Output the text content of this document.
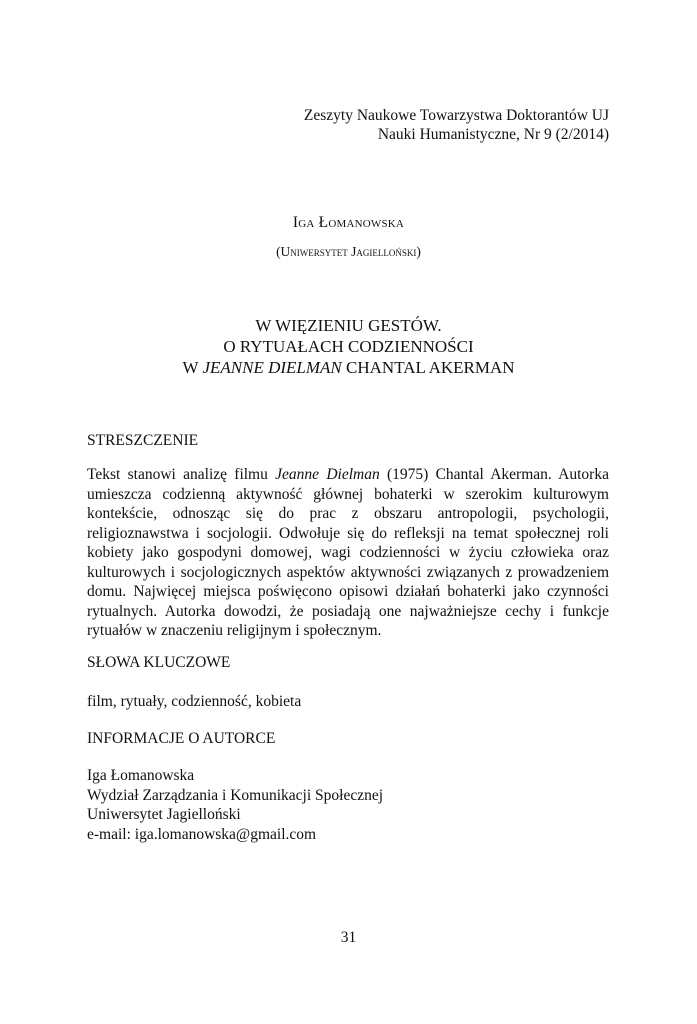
Zeszyty Naukowe Towarzystwa Doktorantów UJ
Nauki Humanistyczne, Nr 9 (2/2014)
Iga Łomanowska
(Uniwersytet Jagielloński)
W WIĘZIENIU GESTÓW.
O RYTUAŁACH CODZIENNOŚCI
W JEANNE DIELMAN CHANTAL AKERMAN
STRESZCZENIE
Tekst stanowi analizę filmu Jeanne Dielman (1975) Chantal Akerman. Autorka umieszcza codzienną aktywność głównej bohaterki w szerokim kulturowym kontekście, odnosząc się do prac z obszaru antropologii, psychologii, religioznawstwa i socjologii. Odwołuje się do refleksji na temat społecznej roli kobiety jako gospodyni domowej, wagi codzienności w życiu człowieka oraz kulturowych i socjologicznych aspektów aktywności związanych z prowadzeniem domu. Najwięcej miejsca poświęcono opisowi działań bohaterki jako czynności rytualnych. Autorka dowodzi, że posiadają one najważniejsze cechy i funkcje rytuałów w znaczeniu religijnym i społecznym.
SŁOWA KLUCZOWE
film, rytuały, codzienność, kobieta
INFORMACJE O AUTORCE
Iga Łomanowska
Wydział Zarządzania i Komunikacji Społecznej
Uniwersytet Jagielloński
e-mail: iga.lomanowska@gmail.com
31
